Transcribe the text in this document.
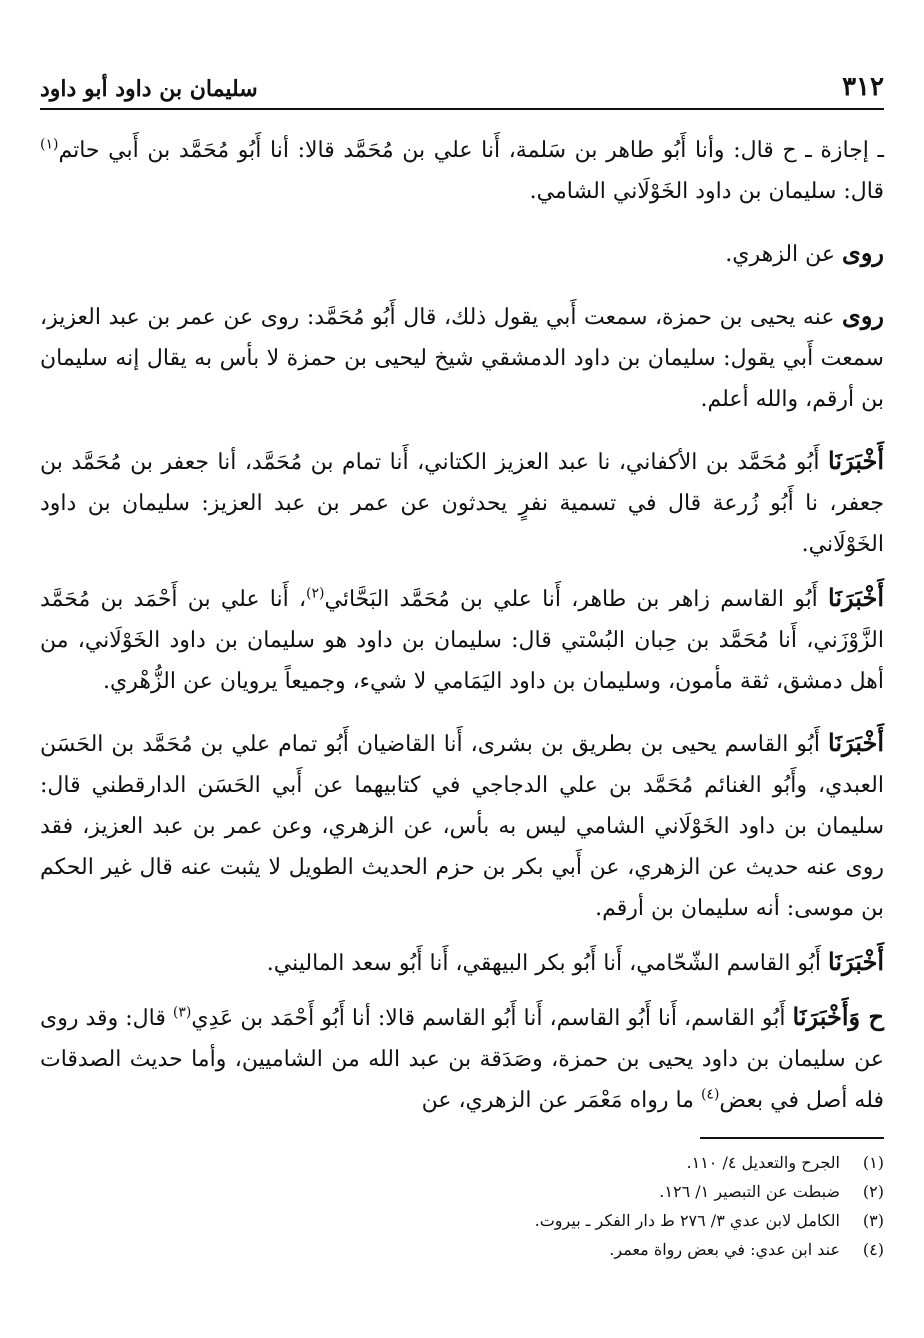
سليمان بن داود أبو داود	٣١٢

ـ إجازة ـ ح قال: وأنا أَبُو طاهر بن سَلمة، أَنا علي بن مُحَمَّد قالا: أنا أَبُو مُحَمَّد بن أَبي حاتم$^{(١)}$ قال: سليمان بن داود الخَوْلَاني الشامي.

روى عن الزهري.

روى عنه يحيى بن حمزة، سمعت أَبي يقول ذلك، قال أَبُو مُحَمَّد: روى عن عمر بن عبد العزيز، سمعت أَبي يقول: سليمان بن داود الدمشقي شيخ ليحيى بن حمزة لا بأس به يقال إنه سليمان بن أرقم، والله أعلم.

أَخْبَرَنَا أَبُو مُحَمَّد بن الأكفاني، نا عبد العزيز الكتاني، أَنا تمام بن مُحَمَّد، أنا جعفر بن مُحَمَّد بن جعفر، نا أَبُو زُرعة قال في تسمية نفرٍ يحدثون عن عمر بن عبد العزيز: سليمان بن داود الخَوْلَاني.

أَخْبَرَنَا أَبُو القاسم زاهر بن طاهر، أَنا علي بن مُحَمَّد البَحَّائي$^{(٢)}$، أَنا علي بن أَحْمَد بن مُحَمَّد الزَّوْزَني، أَنا مُحَمَّد بن حِبان البُسْتي قال: سليمان بن داود هو سليمان بن داود الخَوْلَاني، من أهل دمشق، ثقة مأمون، وسليمان بن داود اليَمَامي لا شيء، وجميعاً يرويان عن الزُّهْري.

أَخْبَرَنَا أَبُو القاسم يحيى بن بطريق بن بشرى، أَنا القاضيان أَبُو تمام علي بن مُحَمَّد بن الحَسَن العبدي، وأَبُو الغنائم مُحَمَّد بن علي الدجاجي في كتابيهما عن أَبي الحَسَن الدارقطني قال: سليمان بن داود الخَوْلَاني الشامي ليس به بأس، عن الزهري، وعن عمر بن عبد العزيز، فقد روى عنه حديث عن الزهري، عن أَبي بكر بن حزم الحديث الطويل لا يثبت عنه قال غير الحكم بن موسى: أنه سليمان بن أرقم.

أَخْبَرَنَا أَبُو القاسم الشّحّامي، أَنا أَبُو بكر البيهقي، أَنا أَبُو سعد الماليني.

ح وَأَخْبَرَنَا أَبُو القاسم، أَنا أَبُو القاسم، أَنا أَبُو القاسم قالا: أنا أَبُو أَحْمَد بن عَدِي$^{(٣)}$ قال: وقد روى عن سليمان بن داود يحيى بن حمزة، وصَدَقة بن عبد الله من الشاميين، وأما حديث الصدقات فله أصل في بعض$^{(٤)}$ ما رواه مَعْمَر عن الزهري، عن

(١)
الجرح والتعديل ٤/ ١١٠.
(٢)
ضبطت عن التبصير ١/ ١٢٦.
(٣)
الكامل لابن عدي ٣/ ٢٧٦ ط دار الفكر ـ بيروت.
(٤)
عند ابن عدي: في بعض رواة معمر.
